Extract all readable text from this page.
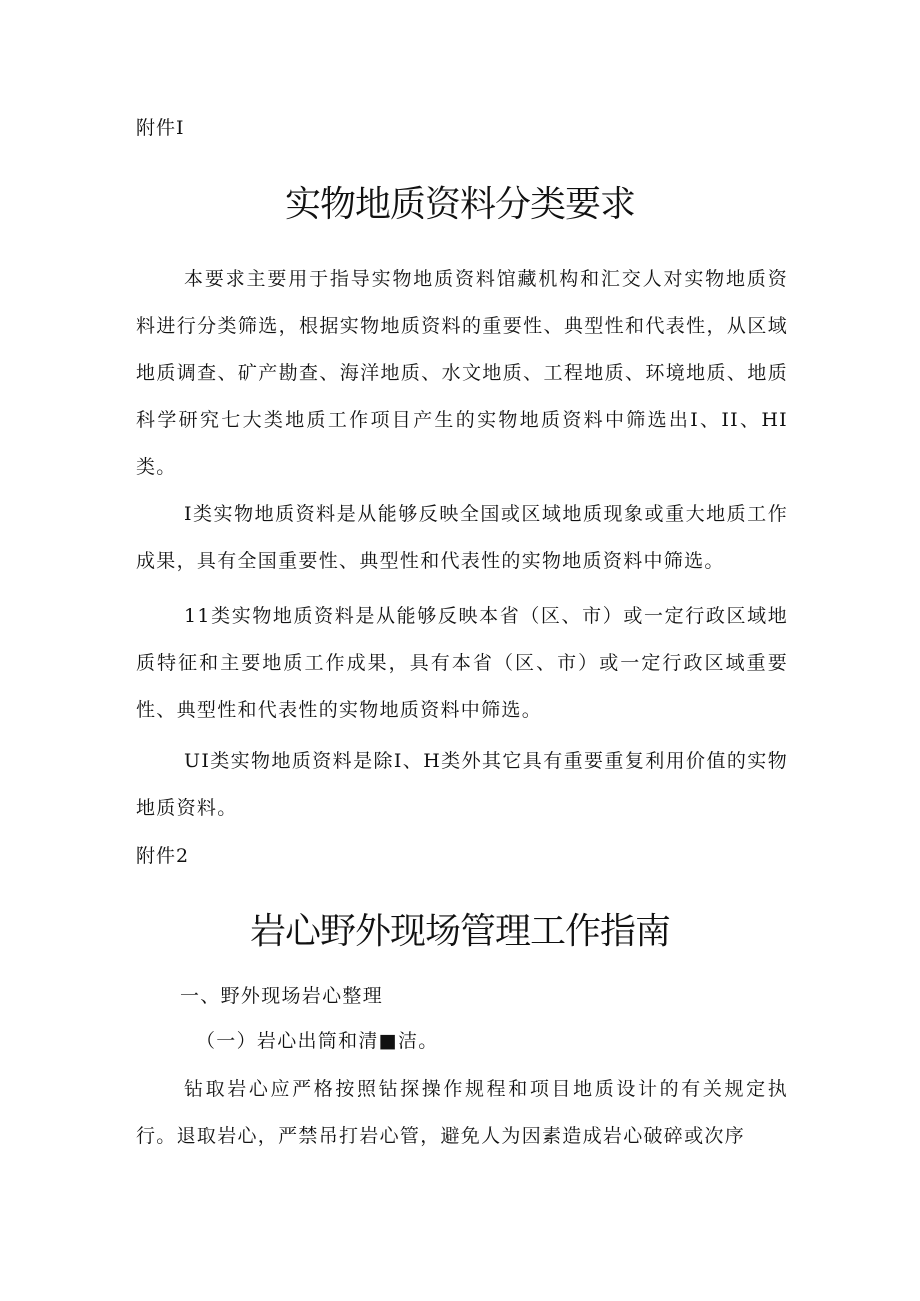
附件I
实物地质资料分类要求

本要求主要用于指导实物地质资料馆藏机构和汇交人对实物地质资料进行分类筛选，根据实物地质资料的重要性、典型性和代表性，从区域地质调查、矿产勘查、海洋地质、水文地质、工程地质、环境地质、地质科学研究七大类地质工作项目产生的实物地质资料中筛选出I、II、HI类。

I类实物地质资料是从能够反映全国或区域地质现象或重大地质工作成果，具有全国重要性、典型性和代表性的实物地质资料中筛选。

11类实物地质资料是从能够反映本省（区、市）或一定行政区域地质特征和主要地质工作成果，具有本省（区、市）或一定行政区域重要性、典型性和代表性的实物地质资料中筛选。

UI类实物地质资料是除I、H类外其它具有重要重复利用价值的实物地质资料。

附件2
岩心野外现场管理工作指南
一、野外现场岩心整理
（一）岩心出筒和清■洁。

钻取岩心应严格按照钻探操作规程和项目地质设计的有关规定执行。退取岩心，严禁吊打岩心管，避免人为因素造成岩心破碎或次序
